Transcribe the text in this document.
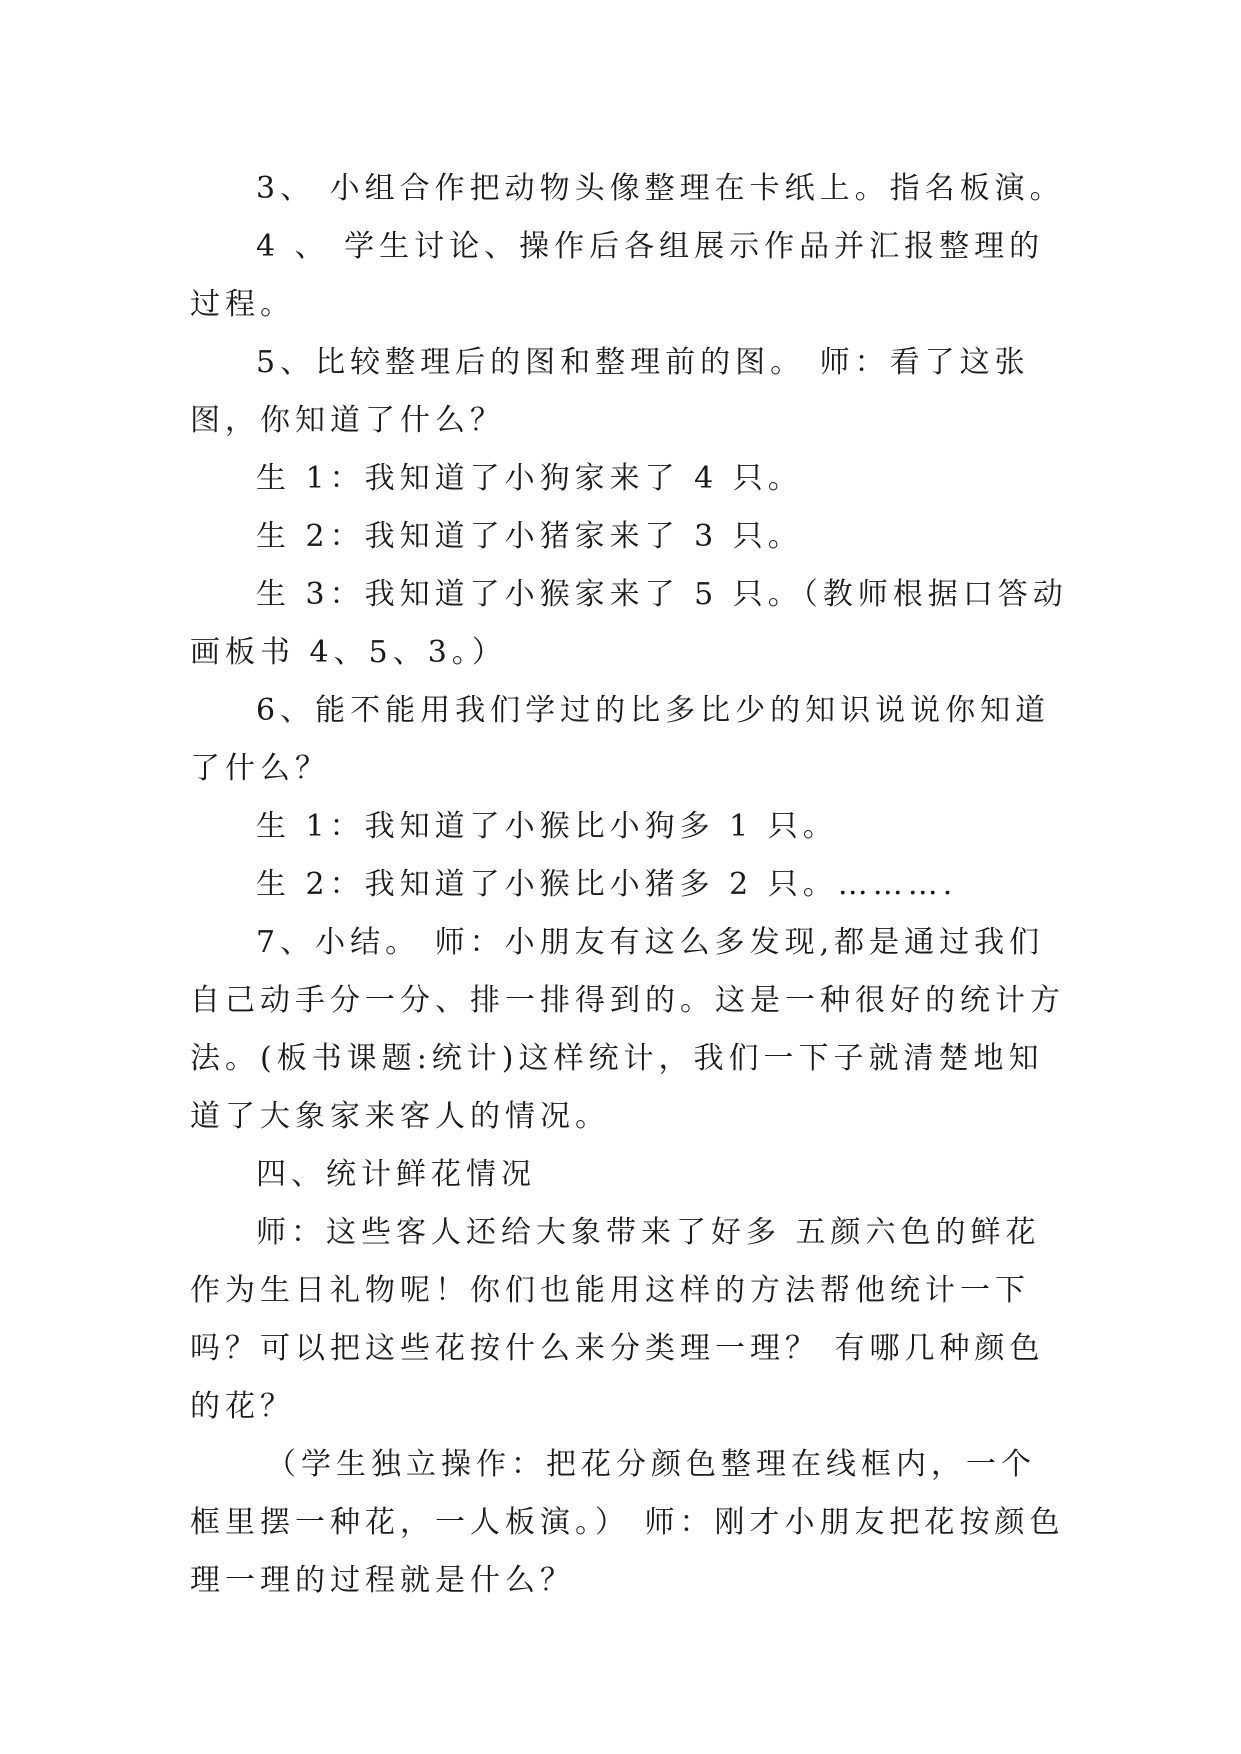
3、 小组合作把动物头像整理在卡纸上。指名板演。

4 、 学生讨论、操作后各组展示作品并汇报整理的过程。

5、比较整理后的图和整理前的图。 师：看了这张图，你知道了什么？

生 1：我知道了小狗家来了 4 只。

生 2：我知道了小猪家来了 3 只。

生 3：我知道了小猴家来了 5 只。（教师根据口答动画板书 4、5、3。）

6、能不能用我们学过的比多比少的知识说说你知道了什么？

生 1：我知道了小猴比小狗多 1 只。

生 2：我知道了小猴比小猪多 2 只。……….

7、小结。 师：小朋友有这么多发现,都是通过我们自己动手分一分、排一排得到的。这是一种很好的统计方法。(板书课题:统计)这样统计，我们一下子就清楚地知道了大象家来客人的情况。

四、统计鲜花情况

师：这些客人还给大象带来了好多 五颜六色的鲜花作为生日礼物呢！你们也能用这样的方法帮他统计一下吗？可以把这些花按什么来分类理一理？ 有哪几种颜色的花？

（学生独立操作：把花分颜色整理在线框内，一个框里摆一种花，一人板演。） 师：刚才小朋友把花按颜色理一理的过程就是什么？
